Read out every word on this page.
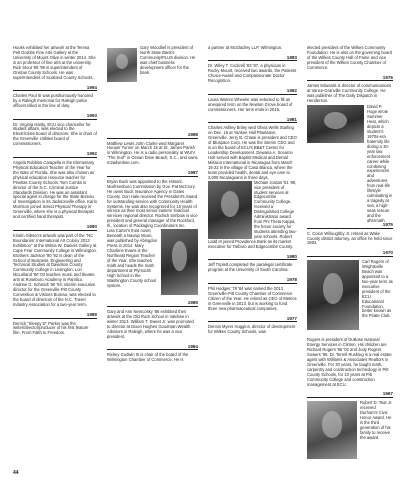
Hooks exhibited her artwork at the Teresa Pelt Grubbs Fine Arts Gallery at the University of Mount Olive in winter 2014. She is an professor of fine arts at the university. Rick Stout '95 '99 is superintendent of Onslow County Schools. He was superintendent of Scotland County Schools.

1994

Charles Paul III was posthumously honored by a Raleigh memorial for Raleigh police officers killed in the line of duty.

1993

Dr. Virginia Hardy, ECU vice chancellor for student affairs, was elected to the ElectriCities board of directors. She is chair of the Greenville Utilities board of commissioners.

1992

Angela Robbins Carapella is the Elementary Physical Education Teacher of the Year for the state of Florida. She was also chosen as physical education resource teacher for Pinellas County Schools. Tom Combs is director of the N.C. Criminal Justice Standards Division. He was an assistant special agent in charge for the State Bureau of Investigation in its Jacksonville office. Karin Morrison joined Select Physical Therapy in Greenville, where she is a physical therapist and certified hand therapist.

1990

Kristin Gibson's artwork was part of the "NC Boundaries: International Art Colony 2013 Exhibition" at the Wilma W. Daniels Gallery at Cape Fear Community College in Wilmington. Brothers Jackson '90 '92 is dean of the School of Business, Engineering and Technical Studies at Davidson County Community College in Lexington. Lori McLelland '90 '03 teaches music and theatre arts at Roseboro Academy in Pamlico. Andrew G. Schmidt '90 '93, interim executive director for the Greenville-Pitt County Convention & Visitors Bureau, was elected to the board of directors of the N.C. Travel Industry Association for a two-year term.

1989

Derrick "Sleepy D" Parker was the writer/director/producer of his first feature film, From Faith to Freedom.

Gary Woodlief is president of North State Bank's Community/PLUS division. He was chief business development officer for the bank.

1988

Matthew Lewis John Clarke wed Margaret Hooper Turner on March 15 at St. James Parish in Wilmington. He is a radio personality at WUIV "The Surf" in Ocean Drive Beach, S.C., and owns m2advertise.com.

1987

Bryan Buck was appointed to the Historic Murfreesboro Commission by Gov. Pat McCrory. He owns Buck Insurance Agency in Gates County. Don Hale received the President's Award for outstanding service with Community Health Systems. He was also recognized for 15 years of service as their most senior eastern financial services regional director. Rodrick Simbow is vice president and general manager of the Rockford, Ill., location of Packaging Coordinators Inc.

Lisa Carter's third novel, Beneath a Navajo Moon, was published by Abingdon Press in 2014. Mary Charlene Evans is the Northeast Region Teacher of the Year. She teaches math and heads the math department at Plymouth High School in the Washington County school system.

1985

Gary and Ann Nemcosky '86 exhibited their artwork at the Old Rock School in Valdese in winter 2013. William T. Sweet Jr. was promoted to director at Dixon Hughes Goodman Wealth Advisors in Raleigh, where he was a vice president.

1984

Rickey Godwin III is chair of the board of the Wilmington Chamber of Commerce. He is

a partner at McGladrey LLP, Wilmington.

1983

Dr. Wiley T. Cockrell '83 '87, a physician in Rocky Mount, received two awards, the Patients Choice Award and Compassionate Doctor Recognition.

1982

Laura Warren Wheeler was selected to fill an unexpired term on the Newton Grove board of commissioners. Her term ends in 2015.

1981

Charles Ashley Briley wed Olivia Wells Starling on Dec. 15 at Yankee Hall Plantation, Greenville. Jerry B. Chase is president and CEO of Bluspace Corp. He was the interim CEO and is on the board of ECU's BB&T Center for Leadership Development. Dewana A. Scearce Holt served with Baptist Medical and Dental Mission International in Nicaragua from March 15-22 in the village of Casa Blanca, where the team provided health, dental and eye care to 2,000 Nicaraguans in three days.

Michael Jordan '81 '89, vice president of student services at Edgecombe Community College, received a Distinguished College Administrator award from Phi Theta Kappa, the honor society for students attending two-year schools. Robert Ladd III joined Providence Bank as its market executive for Tarboro and Edgecombe County.

1980

Jeff Triplett completed the paralegal certificate program at the University of South Carolina.

1978

Phil Hodges '78 '84 was named the 2013 Greenville-Pitt County Chamber of Commerce Citizen of the Year. He retired as CEO of Metrics in Greenville in 2013, but is working to fund three new pharmaceutical companies.

1977

Dennis Myers Huggins, director of development for Wilkes County Schools, was

elected president of the Wilkes Community Foundation. He is also on the governing board of the Wilkes County Hall of Fame and vice president of the Wilkes County Chamber of Commerce.

1976

James Edwards is director of communications at Vance-Granville Community College. He was publisher of The Daily Dispatch in Henderson.

David P. Hoge wrote Summer Heat, which depicts a student's 1970s-era fraternity life during a 30-year law enforcement career while combining experiences and adventures from real-life lifestyle culminating in a tragedy at sea, a high-seas rescue and the aftermath.

1975

C. Colon Willoughby Jr. retired as Wake County district attorney, an office he held since 1983.

1970

Carl Rogers of Wrightsville Beach was appointed to a two-year term as executive president of the ECU Educational Foundation, better known as the Pirate Club.

Rogers is president of DuBose National Energy Services in Clinton. His children are Richard Rogers '96 '02 and Jody Rogers Sowers '99. Dr. Terrell Rushing is a real estate agent with Williams & Associates Realtors in Greenville. For 30 years, he taught math, carpentry and construction technology in Pitt County Schools, for 10 years at Pitt Community College and construction management at ECU.

1967

Robert D. Tear Jr. received Durham's Civic Honor Award. He is the third generation of his family to receive the award.

44
